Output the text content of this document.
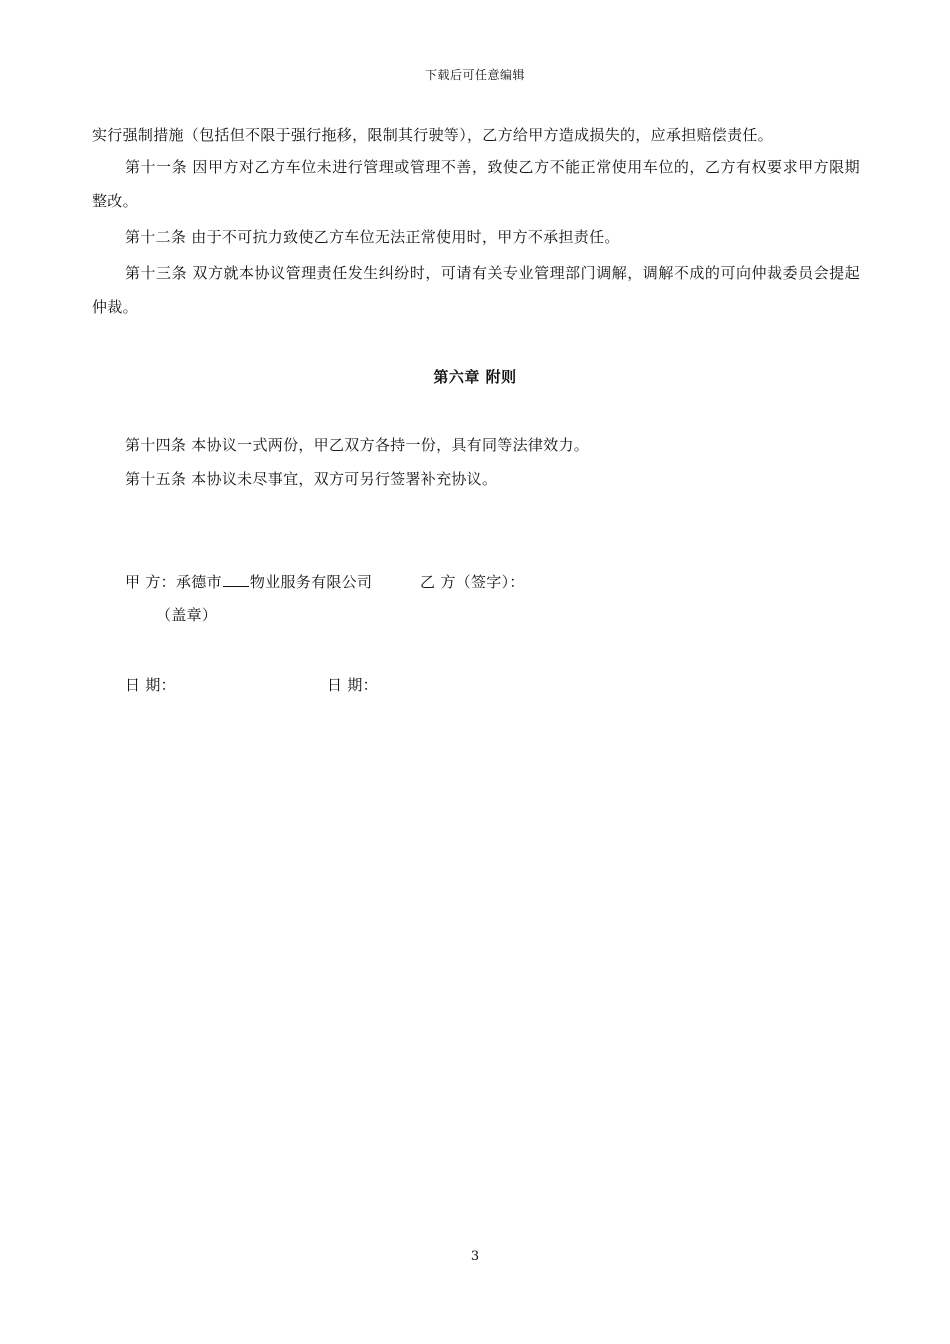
下载后可任意编辑
实行强制措施（包括但不限于强行拖移，限制其行驶等），乙方给甲方造成损失的，应承担赔偿责任。
第十一条 因甲方对乙方车位未进行管理或管理不善，致使乙方不能正常使用车位的，乙方有权要求甲方限期整改。
第十二条 由于不可抗力致使乙方车位无法正常使用时，甲方不承担责任。
第十三条 双方就本协议管理责任发生纠纷时，可请有关专业管理部门调解，调解不成的可向仲裁委员会提起仲裁。
第六章 附则
第十四条 本协议一式两份，甲乙双方各持一份，具有同等法律效力。
第十五条 本协议未尽事宜，双方可另行签署补充协议。
甲 方：承德市 物业服务有限公司	乙 方（签字）：
（盖章）
日 期：	日 期：
3
